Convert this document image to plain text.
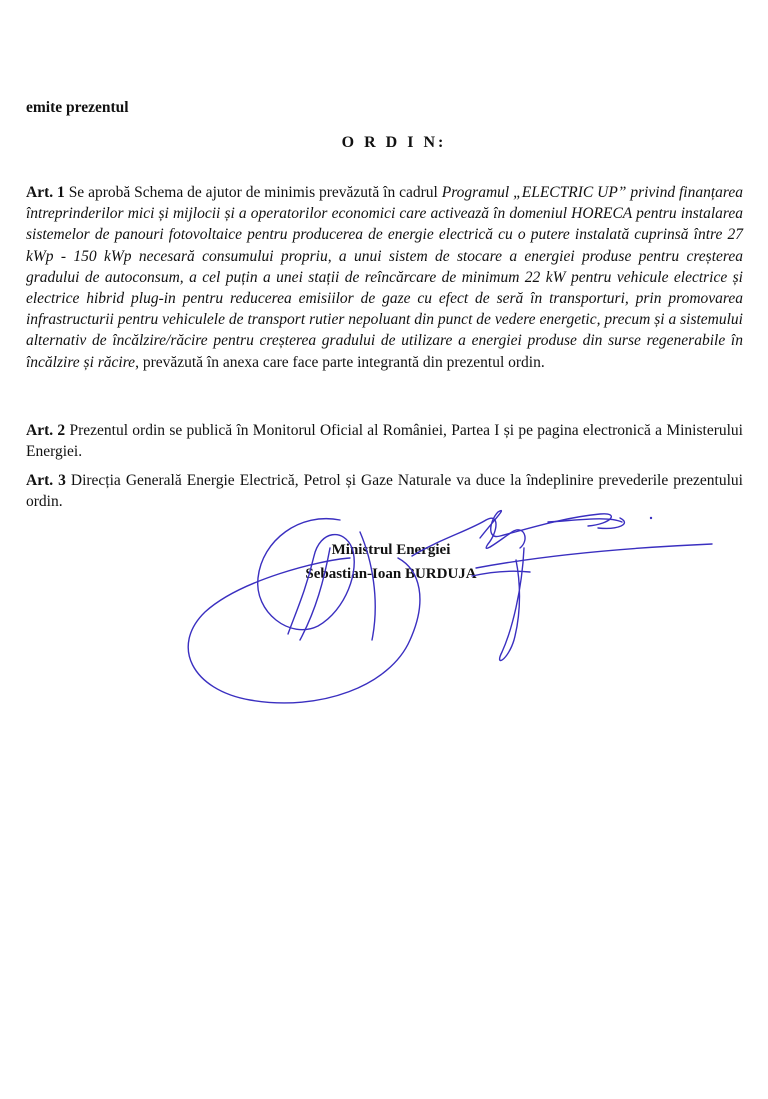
emite prezentul

O R D I N:

Art. 1 Se aprobă Schema de ajutor de minimis prevăzută în cadrul Programul „ELECTRIC UP” privind finanțarea întreprinderilor mici și mijlocii și a operatorilor economici care activează în domeniul HORECA pentru instalarea sistemelor de panouri fotovoltaice pentru producerea de energie electrică cu o putere instalată cuprinsă între 27 kWp - 150 kWp necesară consumului propriu, a unui sistem de stocare a energiei produse pentru creșterea gradului de autoconsum, a cel puțin a unei stații de reîncărcare de minimum 22 kW pentru vehicule electrice și electrice hibrid plug-in pentru reducerea emisiilor de gaze cu efect de seră în transporturi, prin promovarea infrastructurii pentru vehiculele de transport rutier nepoluant din punct de vedere energetic, precum și a sistemului alternativ de încălzire/răcire pentru creșterea gradului de utilizare a energiei produse din surse regenerabile în încălzire și răcire, prevăzută în anexa care face parte integrantă din prezentul ordin.

Art. 2 Prezentul ordin se publică în Monitorul Oficial al României, Partea I și pe pagina electronică a Ministerului Energiei.

Art. 3 Direcția Generală Energie Electrică, Petrol și Gaze Naturale va duce la îndeplinire prevederile prezentului ordin.

Ministrul Energiei
Sebastian-Ioan BURDUJA
